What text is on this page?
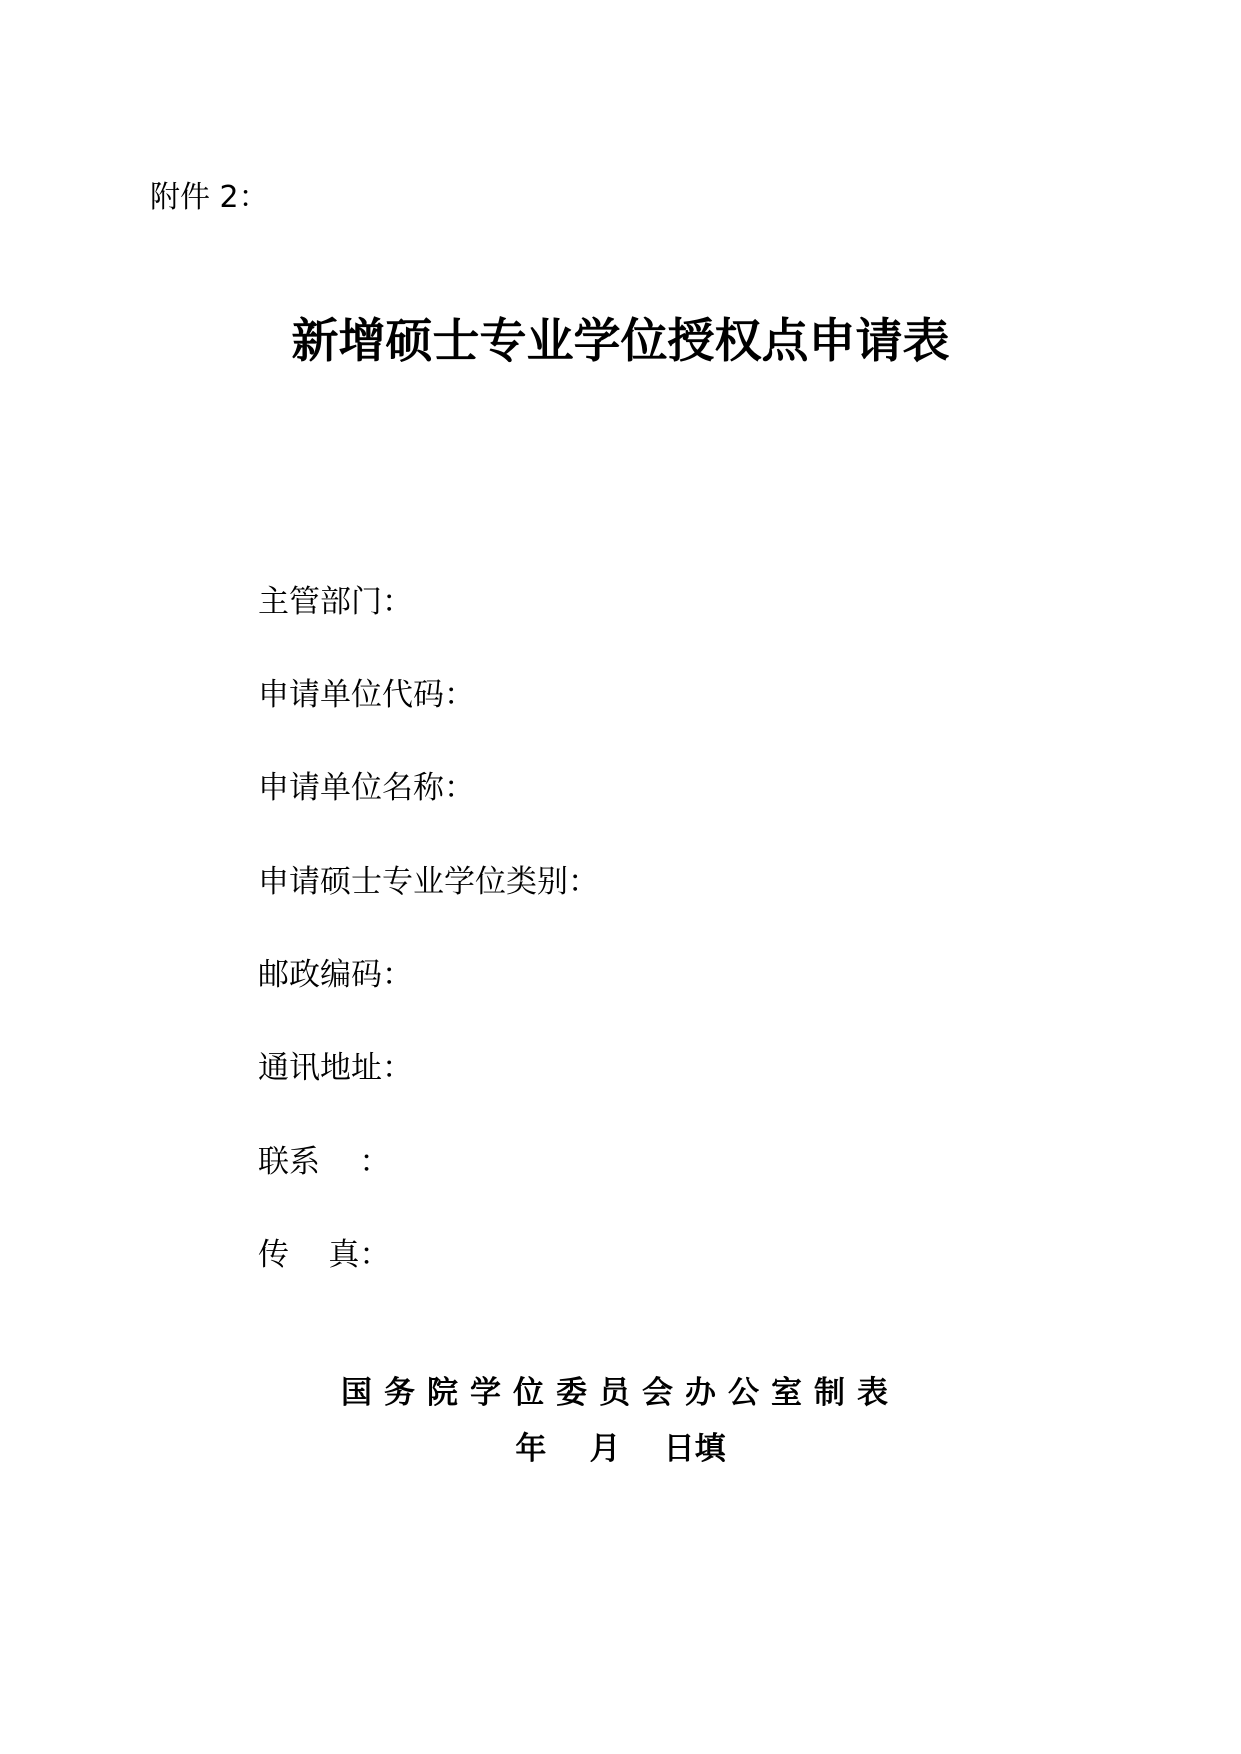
附件 2：
新增硕士专业学位授权点申请表
主管部门：
申请单位代码：
申请单位名称：
申请硕士专业学位类别：
邮政编码：
通讯地址：
联系    ：
传    真：
国务院学位委员会办公室制表
年    月    日填
